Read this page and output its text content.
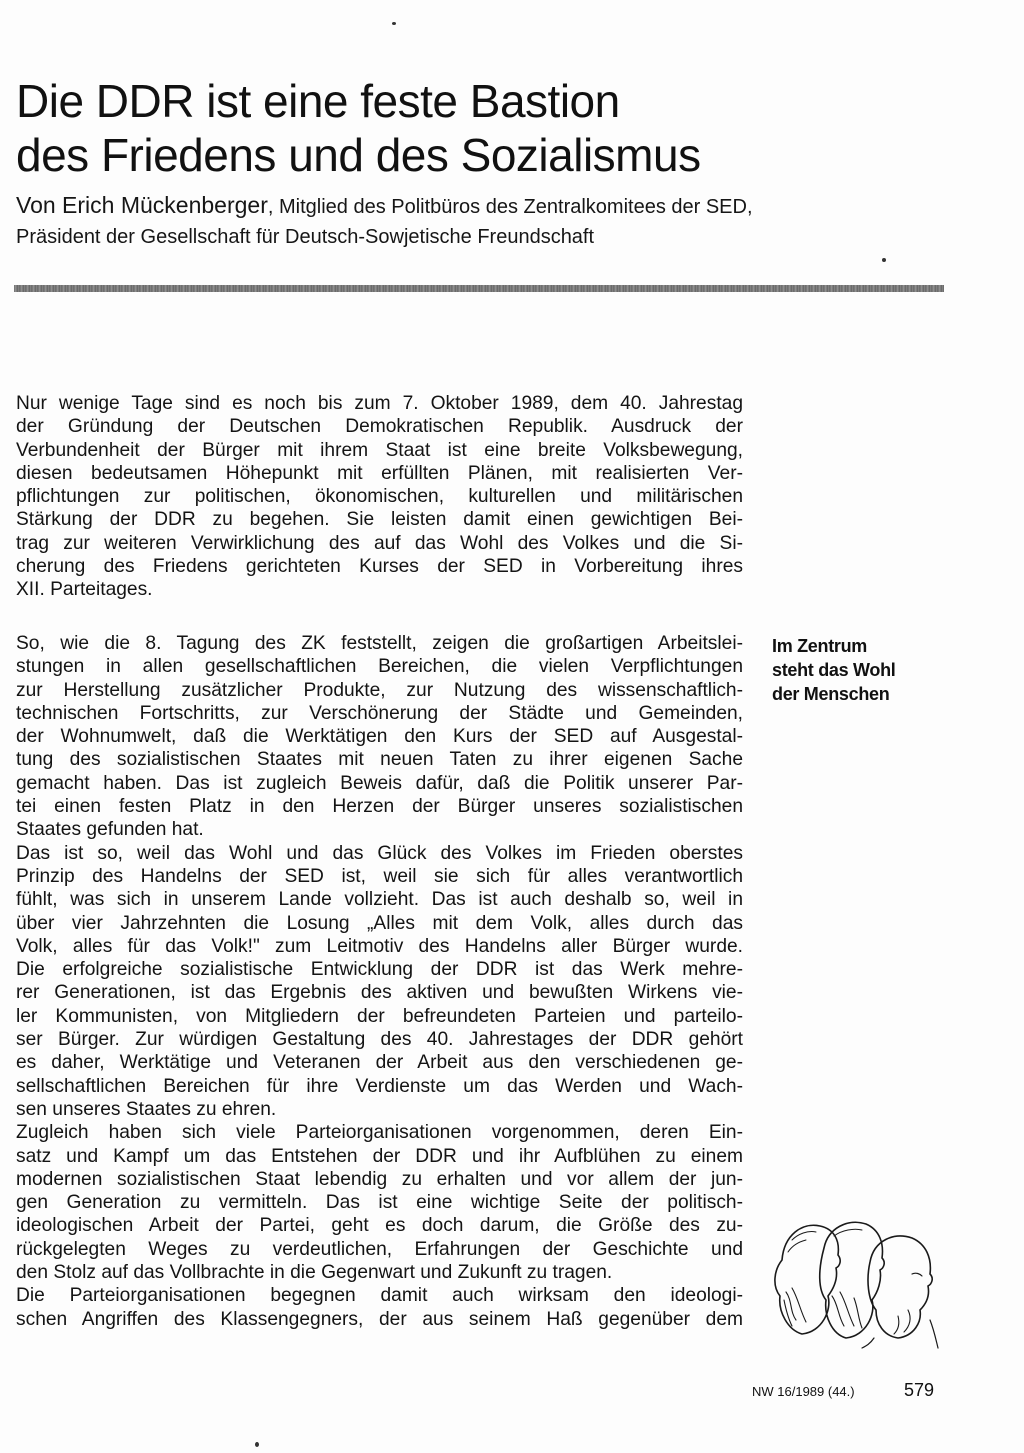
Die DDR ist eine feste Bastion
des Friedens und des Sozialismus
Von Erich Mückenberger, Mitglied des Politbüros des Zentralkomitees der SED,
Präsident der Gesellschaft für Deutsch-Sowjetische Freundschaft
Nur wenige Tage sind es noch bis zum 7. Oktober 1989, dem 40. Jahrestag
der Gründung der Deutschen Demokratischen Republik. Ausdruck der
Verbundenheit der Bürger mit ihrem Staat ist eine breite Volksbewegung,
diesen bedeutsamen Höhepunkt mit erfüllten Plänen, mit realisierten Ver-
pflichtungen zur politischen, ökonomischen, kulturellen und militärischen
Stärkung der DDR zu begehen. Sie leisten damit einen gewichtigen Bei-
trag zur weiteren Verwirklichung des auf das Wohl des Volkes und die Si-
cherung des Friedens gerichteten Kurses der SED in Vorbereitung ihres
XII. Parteitages.
So, wie die 8. Tagung des ZK feststellt, zeigen die großartigen Arbeitslei-
stungen in allen gesellschaftlichen Bereichen, die vielen Verpflichtungen
zur Herstellung zusätzlicher Produkte, zur Nutzung des wissenschaftlich-
technischen Fortschritts, zur Verschönerung der Städte und Gemeinden,
der Wohnumwelt, daß die Werktätigen den Kurs der SED auf Ausgestal-
tung des sozialistischen Staates mit neuen Taten zu ihrer eigenen Sache
gemacht haben. Das ist zugleich Beweis dafür, daß die Politik unserer Par-
tei einen festen Platz in den Herzen der Bürger unseres sozialistischen
Staates gefunden hat.
Das ist so, weil das Wohl und das Glück des Volkes im Frieden oberstes
Prinzip des Handelns der SED ist, weil sie sich für alles verantwortlich
fühlt, was sich in unserem Lande vollzieht. Das ist auch deshalb so, weil in
über vier Jahrzehnten die Losung „Alles mit dem Volk, alles durch das
Volk, alles für das Volk!" zum Leitmotiv des Handelns aller Bürger wurde.
Die erfolgreiche sozialistische Entwicklung der DDR ist das Werk mehre-
rer Generationen, ist das Ergebnis des aktiven und bewußten Wirkens vie-
ler Kommunisten, von Mitgliedern der befreundeten Parteien und parteilo-
ser Bürger. Zur würdigen Gestaltung des 40. Jahrestages der DDR gehört
es daher, Werktätige und Veteranen der Arbeit aus den verschiedenen ge-
sellschaftlichen Bereichen für ihre Verdienste um das Werden und Wach-
sen unseres Staates zu ehren.
Zugleich haben sich viele Parteiorganisationen vorgenommen, deren Ein-
satz und Kampf um das Entstehen der DDR und ihr Aufblühen zu einem
modernen sozialistischen Staat lebendig zu erhalten und vor allem der jun-
gen Generation zu vermitteln. Das ist eine wichtige Seite der politisch-
ideologischen Arbeit der Partei, geht es doch darum, die Größe des zu-
rückgelegten Weges zu verdeutlichen, Erfahrungen der Geschichte und
den Stolz auf das Vollbrachte in die Gegenwart und Zukunft zu tragen.
Die Parteiorganisationen begegnen damit auch wirksam den ideologi-
schen Angriffen des Klassengegners, der aus seinem Haß gegenüber dem
Im Zentrum
steht das Wohl
der Menschen
NW 16/1989 (44.)	579
